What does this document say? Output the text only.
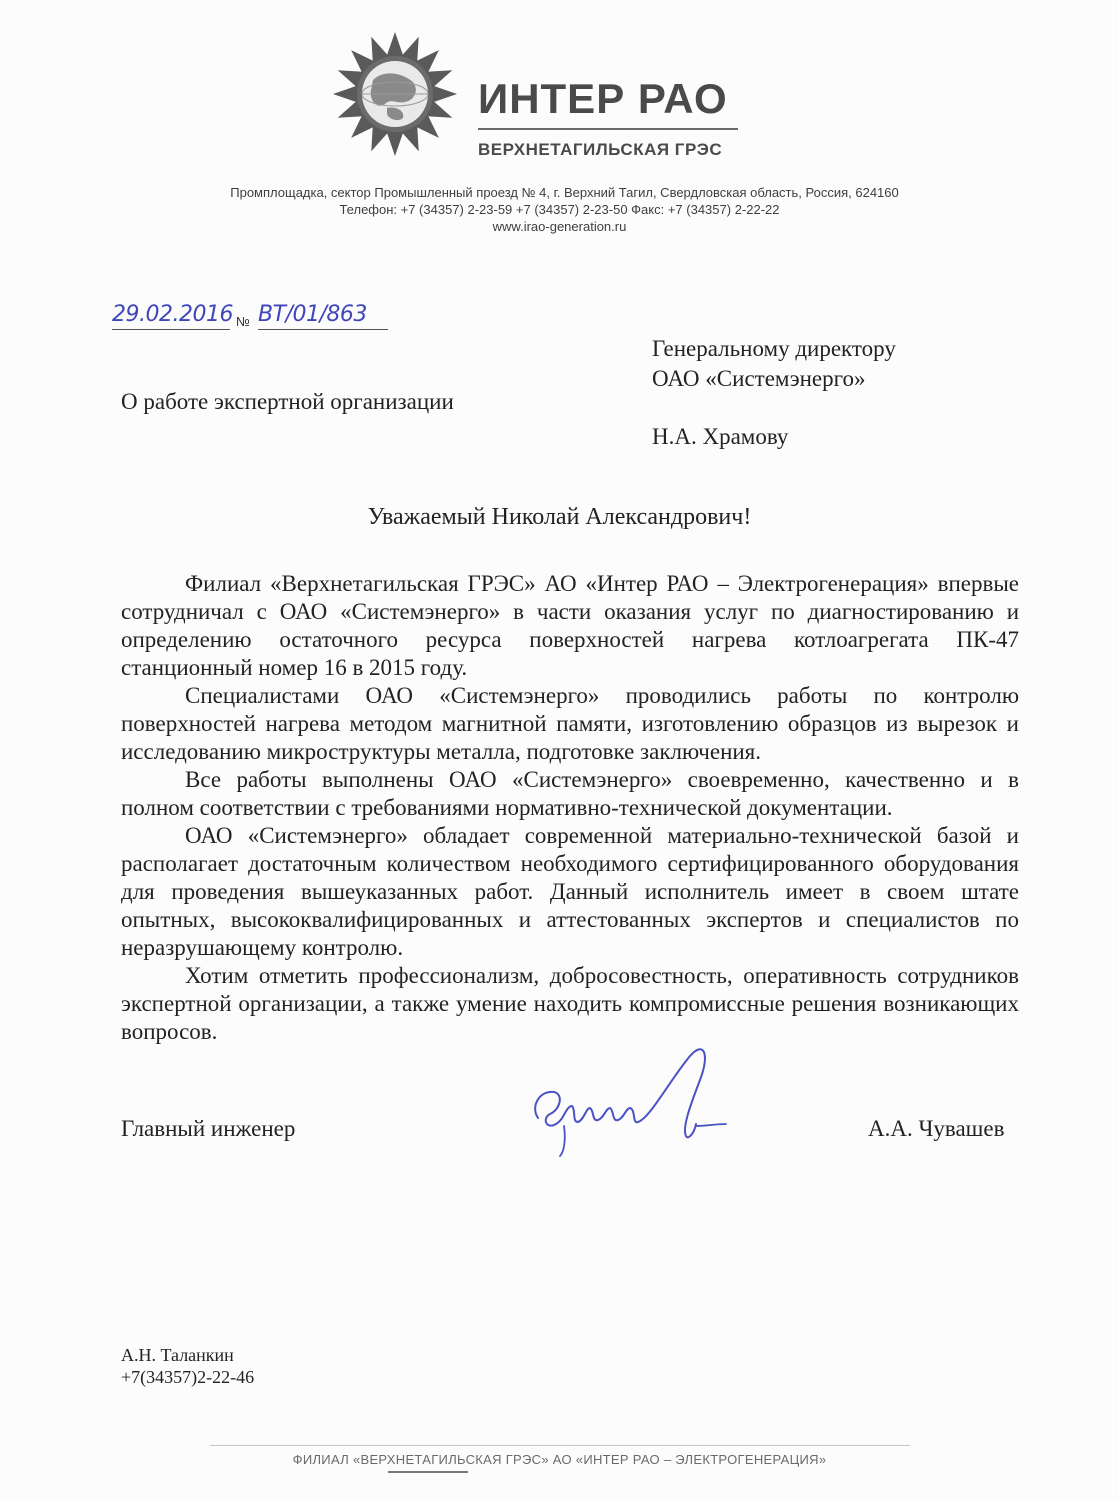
ИНТЕР РАО
ВЕРХНЕТАГИЛЬСКАЯ ГРЭС
Промплощадка, сектор Промышленный проезд № 4, г. Верхний Тагил, Свердловская область, Россия, 624160
Телефон: +7 (34357) 2-23-59 +7 (34357) 2-23-50 Факс: +7 (34357) 2-22-22
www.irao-generation.ru
29.02.2016 № ВТ/01/863
Генеральному директору
ОАО «Системэнерго»
Н.А. Храмову
О работе экспертной организации
Уважаемый Николай Александрович!

Филиал «Верхнетагильская ГРЭС» АО «Интер РАО – Электрогенерация» впервые сотрудничал с ОАО «Системэнерго» в части оказания услуг по диагностированию и определению остаточного ресурса поверхностей нагрева котлоагрегата ПК-47 станционный номер 16 в 2015 году.

Специалистами ОАО «Системэнерго» проводились работы по контролю поверхностей нагрева методом магнитной памяти, изготовлению образцов из вырезок и исследованию микроструктуры металла, подготовке заключения.

Все работы выполнены ОАО «Системэнерго» своевременно, качественно и в полном соответствии с требованиями нормативно-технической документации.

ОАО «Системэнерго» обладает современной материально-технической базой и располагает достаточным количеством необходимого сертифицированного оборудования для проведения вышеуказанных работ. Данный исполнитель имеет в своем штате опытных, высококвалифицированных и аттестованных экспертов и специалистов по неразрушающему контролю.

Хотим отметить профессионализм, добросовестность, оперативность сотрудников экспертной организации, а также умение находить компромиссные решения возникающих вопросов.

Главный инженер	А.А. Чувашев
А.Н. Таланкин
+7(34357)2-22-46
ФИЛИАЛ «ВЕРХНЕТАГИЛЬСКАЯ ГРЭС» АО «ИНТЕР РАО – ЭЛЕКТРОГЕНЕРАЦИЯ»
